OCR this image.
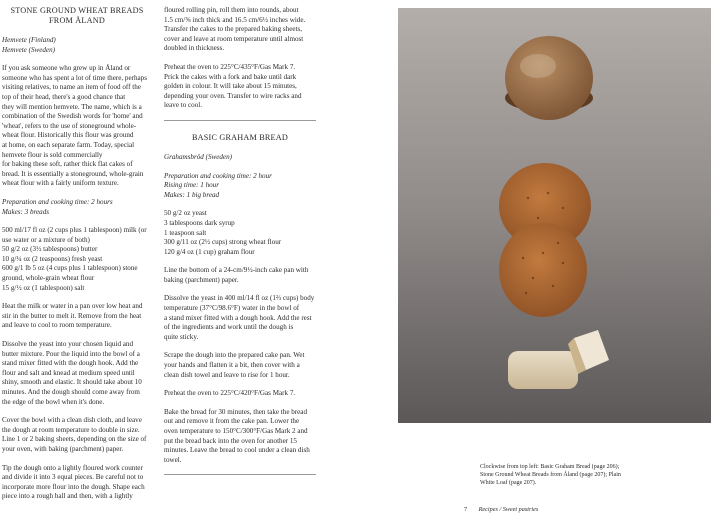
STONE GROUND WHEAT BREADS
FROM ÅLAND

Hemvete (Finland)
Hemvete (Sweden)

If you ask someone who grew up in Åland or
someone who has spent a lot of time there, perhaps
visiting relatives, to name an item of food off the
top of their head, there's a good chance that
they will mention hemvete. The name, which is a
combination of the Swedish words for 'home' and
'wheat', refers to the use of stoneground whole-
wheat flour. Historically this flour was ground
at home, on each separate farm. Today, special
hemvete flour is sold commercially
for baking these soft, rather thick flat cakes of
bread. It is essentially a stoneground, whole-grain
wheat flour with a fairly uniform texture.

Preparation and cooking time: 2 hours
Makes: 3 breads

500 ml/17 fl oz (2 cups plus 1 tablespoon) milk (or
use water or a mixture of both)
50 g/2 oz (3½ tablespoons) butter
10 g/¼ oz (2 teaspoons) fresh yeast
600 g/1 lb 5 oz (4 cups plus 1 tablespoon) stone
ground, whole-grain wheat flour
15 g/½ oz (1 tablespoon) salt

Heat the milk or water in a pan over low heat and
stir in the butter to melt it. Remove from the heat
and leave to cool to room temperature.

Dissolve the yeast into your chosen liquid and
butter mixture. Pour the liquid into the bowl of a
stand mixer fitted with the dough hook. Add the
flour and salt and knead at medium speed until
shiny, smooth and elastic. It should take about 10
minutes. And the dough should come away from
the edge of the bowl when it's done.

Cover the bowl with a clean dish cloth, and leave
the dough at room temperature to double in size.
Line 1 or 2 baking sheets, depending on the size of
your oven, with baking (parchment) paper.

Tip the dough onto a lightly floured work counter
and divide it into 3 equal pieces. Be careful not to
incorporate more flour into the dough. Shape each
piece into a rough ball and then, with a lightly

floured rolling pin, roll them into rounds, about
1.5 cm/⅝ inch thick and 16.5 cm/6½ inches wide.
Transfer the cakes to the prepared baking sheets,
cover and leave at room temperature until almost
doubled in thickness.

Preheat the oven to 225°C/435°F/Gas Mark 7.
Prick the cakes with a fork and bake until dark
golden in colour. It will take about 15 minutes,
depending your oven. Transfer to wire racks and
leave to cool.

BASIC GRAHAM BREAD

Grahamsbröd (Sweden)

Preparation and cooking time: 2 hour
Rising time: 1 hour
Makes: 1 big bread

50 g/2 oz yeast
3 tablespoons dark syrup
1 teaspoon salt
300 g/11 oz (2½ cups) strong wheat flour
120 g/4 oz (1 cup) graham flour

Line the bottom of a 24-cm/9½-inch cake pan with
baking (parchment) paper.

Dissolve the yeast in 400 ml/14 fl oz (1⅔ cups) body
temperature (37°C/98.6°F) water in the bowl of
a stand mixer fitted with a dough hook. Add the rest
of the ingredients and work until the dough is
quite sticky.

Scrape the dough into the prepared cake pan. Wet
your hands and flatten it a bit, then cover with a
clean dish towel and leave to rise for 1 hour.

Preheat the oven to 225°C/420°F/Gas Mark 7.

Bake the bread for 30 minutes, then take the bread
out and remove it from the cake pan. Lower the
oven temperature to 150°C/300°F/Gas Mark 2 and
put the bread back into the oven for another 15
minutes. Leave the bread to cool under a clean dish
towel.

Clockwise from top left: Basic Graham Bread (page 206);
Stone Ground Wheat Breads from Åland (page 207); Plain
White Loaf (page 207).
7 Recipes / Sweet pastries
